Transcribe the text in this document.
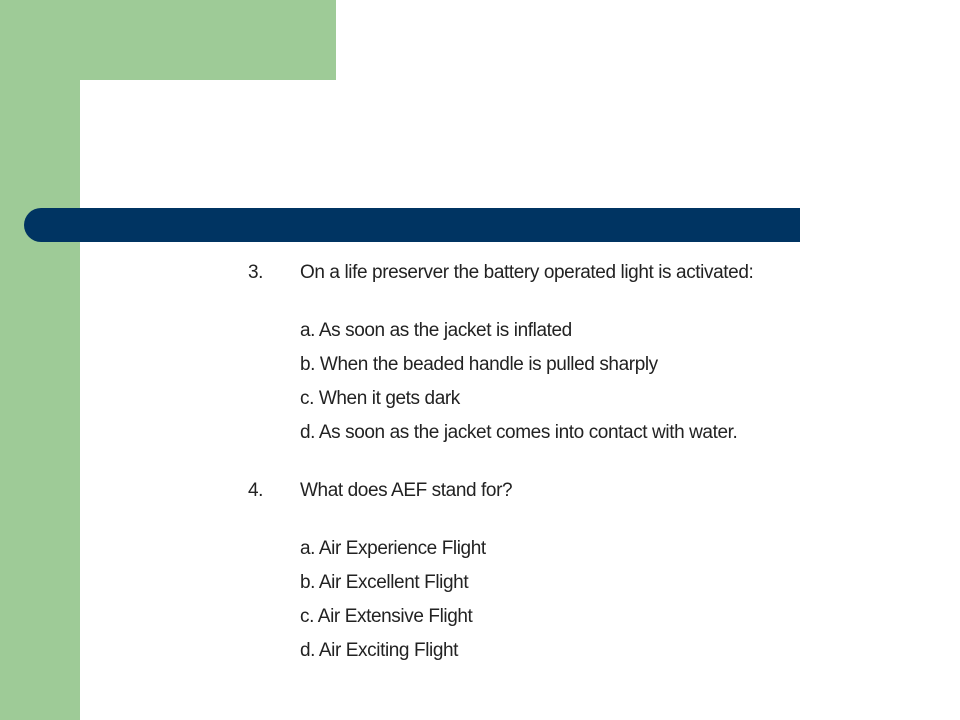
3.	On a life preserver the battery operated light is activated:
a. As soon as the jacket is inflated
b. When the beaded handle is pulled sharply
c. When it gets dark
d. As soon as the jacket comes into contact with water.
4.	What does AEF stand for?
a. Air Experience Flight
b. Air Excellent Flight
c. Air Extensive Flight
d. Air Exciting Flight
